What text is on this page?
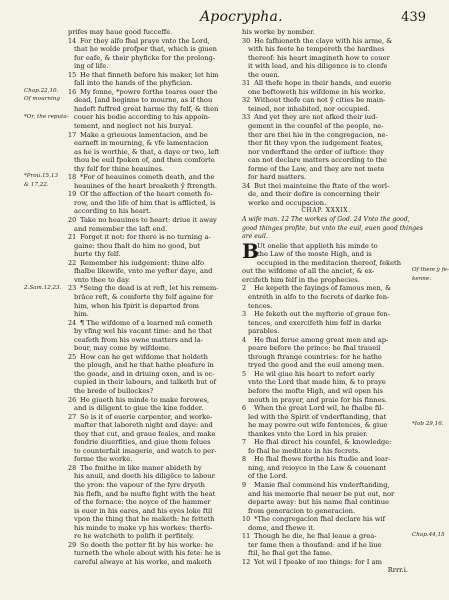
Apocrypha.	439
prifes may haue good fucceffe.
14 For they alfo fhal praye vnto the Lord,
that he wolde profper that, which is giuen
for eafe, & their phyficke for the prolong-
ing of life.
15 He that finneth before his maker, let him
fall into the hands of the phyfician.
16 My fonne, *powre forthe teares ouer the
dead, [and beginne to mourne, as if thou
hadeft fuffred great harme thy felf, & then
couer his bodie according to his appoin-
tement, and neglect not his buryal.
17 Make a grieuous lamentacion, and be
earneft in mourning, & vfe lamentacion
as he is worthie, & that, a daye or two, left
thou be euil fpoken of, and then comforte
thy felf for thine heauines.
18 *For of heauines cometh death, and the
heauines of the heart breaketh ŷ ftrength.
19 Of the affection of the heart cometh fo-
row, and the life of him that is afflicted, is
according to his heart.
20 Take no heauines to heart: driue it away
and remember the laft end.
21 Forget it not: for there is no turning a-
gaine: thou fhalt do him no good, but
hurte thy felf.
22 Remember his iudgement: thine alfo
fhalbe likewife, vnto me yefter daye, and
vnto thee to day.
23 *Seing the dead is at reft, let his remem-
brāce reft, & comforte thy felf againe for
him, when his fpirit is departed from
him.
24 ¶ The wifdome of a learned mā cometh
by vfing wel his vacant time: and he that
ceafeth from his owne matters and la-
bour, may come by wifdome.
25 How can he get wifdome that holdeth
the plough, and he that hathe pleafure in
the goade, and in driuing oxen, and is oc-
cupied in their labours, and talketh but of
the brede of bullockes?
26 He giueth his minde to make forowes,
and is diligent to giue the kine fodder.
27 So is it of euerie carpenter, and worke-
mafter that laboreth night and daye: and
they that cut, and graue feales, and make
fondrie diuerfities, and giue them felues
to counterfait imagerie, and watch to per-
forme the worke.
28 The fmithe in like maner abideth by
his anuil, and doeth his diligēce to labour
the yron: the vapour of the fyre dryeth
his flefh, and he mufte fight with the heat
of the fornace: the noyce of the hammer
is euer in his eares, and his eyes loke ftil
vpon the thing that he maketh: he fetteth
his minde to make vp his workes: therfo-
re he watcheth to polifh it perfitely.
29 So doeth the potter fit by his worke: he
turneth the whele about with his fete: he is
careful alwaye at his worke, and maketh
his worke by nomber.
30 He fafhioneth the claye with his arme, &
with his feete he tempereth the hardnes
thereof: his heart imagineth how to couer
it with lead, and his diligence is to clenfe
the ouen.
31 All thefe hope in their hands, and euerie
one beftoweth his wifdome in his worke.
32 Without thefe can not ŷ cities be main-
teined, nor inhabited, nor occupied.
33 And yet they are not afked their iud-
gement in the counfel of the people, ne-
ther are thei hie in the congregacion, ne-
ther fit they vpon the iudgement feates,
nor vnderftand the order of iuftice: they
can not declare matters according to the
forme of the Law, and they are not mete
for hard matters.
34 But thei mainteine the ftate of the worl-
de, and their defire is concerning their
worke and occupacion.
CHAP. XXXIX.
A wife man. 12 The workes of God. 24 Vnto the good,
good thinges profite, but vnto the euil, euen good thinges
are euil.
B
Ut onelie that applieth his minde to
the Law of the moste High, and is
occupied in the meditacion thereof, feketh
out the wifdome of all the anciet, & ex-
ercifeth him felf in the prophecies.
2 He kepeth the fayings of famous men, &
entreth in alfo to the fecrets of darke fen-
tences.
3 He feketh out the myfterie of graue fen-
tences, and exercifeth him felf in darke
parables.
4 He fhal ferue among great men and ap-
peare before the prince: he fhal traueil
through ftrange countries: for he hathe
tryed the good and the euil among men.
5 He wil giue his heart to refort early
vnto the Lord that made him, & to praye
before the mofte High, and wil open his
mouth in prayer, and praie for his finnes.
6 When the great Lord wil, he fhalbe fil-
led with the Spirit of vnderftanding, that
he may powre out wife fentences, & giue
thankes vnto the Lord in his praier.
7 He fhal direct his counfel, & knowledge:
fo fhal he meditate in his fecrets.
8 He fhal fhewe forthe his ftudie and lear-
ning, and reioyce in the Law & couenant
of the Lord.
9 Manie fhal commend his vnderftanding,
and his memorie fhal neuer be put out, nor
departe away: but his name fhal continue
from generacion to generacion.
10 *The congregacion fhal declare his wif
dome, and fhewe it.
11 Though he die, he fhal leaue a grea-
ter fame then a thoufand: and if he liue
ftil, he fhal get the fame.
12 Yet wil I fpeake of mo things: for I am
Rrrr.i.
Chap.22,10.
Of mourning
*Or, the reputa-
*Prou.15,13
& 17,22.
2.Sam.12,23.
Of them ẏ fe-
kenne.
*Iob 29,16.
Chap.44,15
